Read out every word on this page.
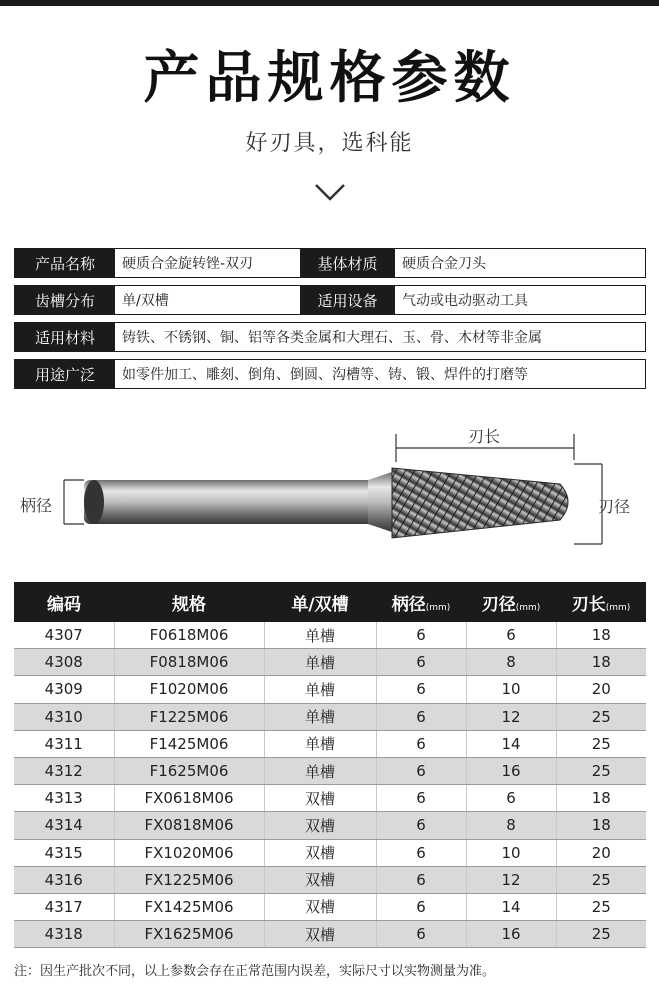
产品规格参数
好刃具，选科能
产品名称	硬质合金旋转锉-双刃	基体材质	硬质合金刀头
齿槽分布	单/双槽	适用设备	气动或电动驱动工具
适用材料	铸铁、不锈钢、铜、铝等各类金属和大理石、玉、骨、木材等非金属
用途广泛	如零件加工、雕刻、倒角、倒圆、沟槽等、铸、锻、焊件的打磨等
柄径
刃长
刃径
编码	规格	单/双槽	柄径(mm)	刃径(mm)	刃长(mm)
4307	F0618M06	单槽	6	6	18
4308	F0818M06	单槽	6	8	18
4309	F1020M06	单槽	6	10	20
4310	F1225M06	单槽	6	12	25
4311	F1425M06	单槽	6	14	25
4312	F1625M06	单槽	6	16	25
4313	FX0618M06	双槽	6	6	18
4314	FX0818M06	双槽	6	8	18
4315	FX1020M06	双槽	6	10	20
4316	FX1225M06	双槽	6	12	25
4317	FX1425M06	双槽	6	14	25
4318	FX1625M06	双槽	6	16	25
注：因生产批次不同，以上参数会存在正常范围内误差，实际尺寸以实物测量为准。
